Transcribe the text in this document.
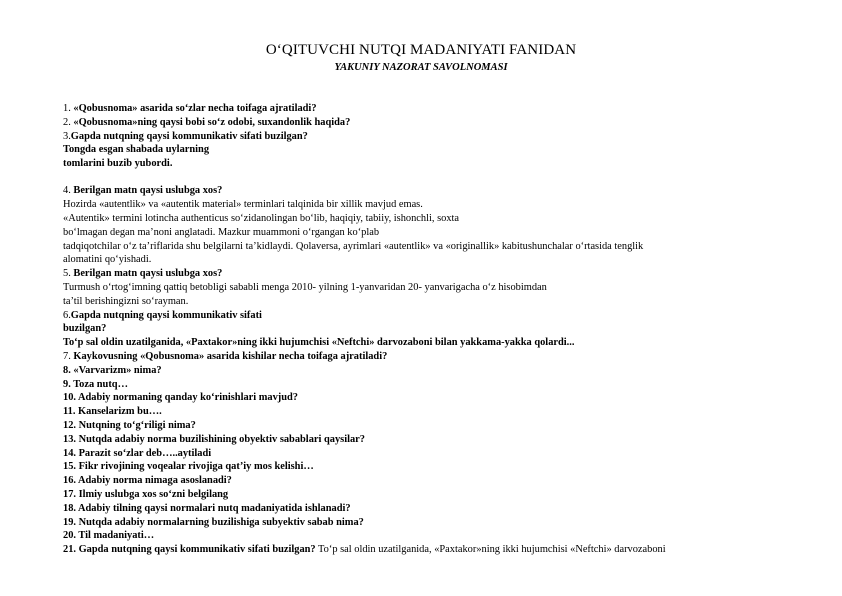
O‘QITUVCHI NUTQI MADANIYATI FANIDAN
YAKUNIY NAZORAT SAVOLNOMASI
1. «Qobusnoma» asarida so‘zlar necha toifaga ajratiladi?
2. «Qobusnoma»ning qaysi bobi so‘z odobi, suxandonlik haqida?
3.Gapda nutqning qaysi kommunikativ sifati buzilgan?
Tongda esgan shabada uylarning
tomlarini buzib yubordi.
4. Berilgan matn qaysi uslubga xos?
Hozirda «autentlik» va «autentik material» terminlari talqinida bir xillik mavjud emas.
«Autentik» termini lotincha authenticus so‘zidanolingan bo‘lib, haqiqiy, tabiiy, ishonchli, soxta
bo‘lmagan degan ma’noni anglatadi. Mazkur muammoni o‘rgangan ko‘plab
tadqiqotchilar o‘z ta’riflarida shu belgilarni ta’kidlaydi. Qolaversa, ayrimlari «autentlik» va «originallik» kabitushunchalar o‘rtasida tenglik
alomatini qo‘yishadi.
5. Berilgan matn qaysi uslubga xos?
Turmush o‘rtog‘imning qattiq betobligi sababli menga 2010- yilning 1-yanvaridan 20- yanvarigacha o‘z hisobimdan
ta’til berishingizni so‘rayman.
6.Gapda nutqning qaysi kommunikativ sifati
buzilgan?
To‘p sal oldin uzatilganida, «Paxtakor»ning ikki hujumchisi «Neftchi» darvozaboni bilan yakkama-yakka qolardi...
7. Kaykovusning «Qobusnoma» asarida kishilar necha toifaga ajratiladi?
8. «Varvarizm» nima?
9. Toza nutq…
10. Adabiy normaning qanday ko‘rinishlari mavjud?
11. Kanselarizm bu….
12. Nutqning to‘g‘riligi nima?
13. Nutqda adabiy norma buzilishining obyektiv sabablari qaysilar?
14. Parazit so‘zlar deb…..aytiladi
15. Fikr rivojining voqealar rivojiga qat’iy mos kelishi…
16. Adabiy norma nimaga asoslanadi?
17. Ilmiy uslubga xos so‘zni belgilang
18. Adabiy tilning qaysi normalari nutq madaniyatida ishlanadi?
19. Nutqda adabiy normalarning buzilishiga subyektiv sabab nima?
20. Til madaniyati…
21. Gapda nutqning qaysi kommunikativ sifati buzilgan? To‘p sal oldin uzatilganida, «Paxtakor»ning ikki hujumchisi «Neftchi» darvozaboni
